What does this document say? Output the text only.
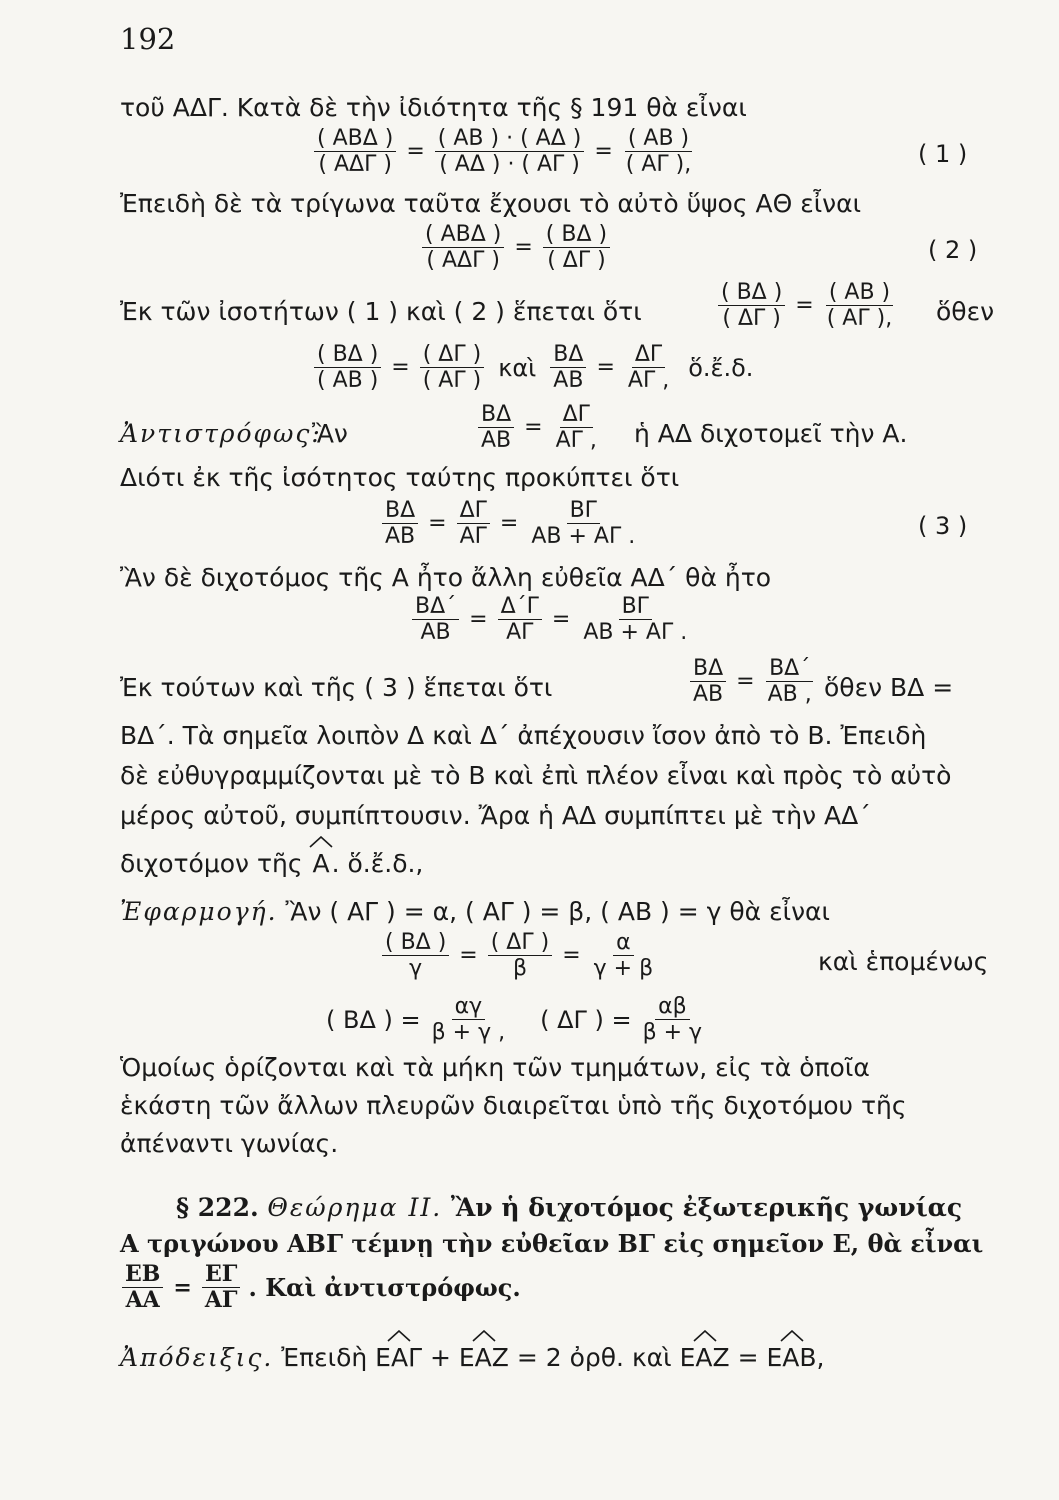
192
τοῦ ΑΔΓ. Κατὰ δὲ τὴν ἰδιότητα τῆς § 191 θὰ εἶναι
$\frac{\text{( ΑΒΔ )}}{\text{( ΑΔΓ )}} = \frac{( AB ) \cdot ( A\Delta )}{( A\Delta ) \cdot ( A\Gamma )} = \frac{( AB )}{( A\Gamma ),}$	( 1 )
Ἐπειδὴ δὲ τὰ τρίγωνα ταῦτα ἔχουσι τὸ αὐτὸ ὕψος ΑΘ εἶναι
$\frac{\text{( ΑΒΔ )}}{\text{( ΑΔΓ )}} = \frac{( B\Delta )}{( \Delta\Gamma )}$	( 2 )
Ἐκ τῶν ἰσοτήτων ( 1 ) καὶ ( 2 ) ἕπεται ὅτι	$\frac{( B\Delta )}{( \Delta\Gamma )} = \frac{( AB )}{( A\Gamma ),}$ ὅθεν
$\frac{( B\Delta )}{( AB )} = \frac{( \Delta\Gamma )}{( A\Gamma )}$ καὶ $\frac{B\Delta}{AB} = \frac{\Delta\Gamma}{A\Gamma ,}$ ὅ.ἔ.δ.
Ἀντιστρόφως:
Ἂν	$\frac{B\Delta}{AB} = \frac{\Delta\Gamma}{A\Gamma ,}$ ἡ ΑΔ διχοτομεῖ τὴν Α.
Διότι ἐκ τῆς ἰσότητος ταύτης προκύπτει ὅτι
$\frac{B\Delta}{AB} = \frac{\Delta\Gamma}{A\Gamma} = \frac{B\Gamma}{AB + A\Gamma .}$	( 3 )
Ἂν δὲ διχοτόμος τῆς Α ἦτο ἄλλη εὐθεῖα ΑΔ΄ θὰ ἦτο
$\frac{B\Delta΄}{AB} = \frac{\Delta΄\Gamma}{A\Gamma} = \frac{B\Gamma}{AB + A\Gamma .}$
Ἐκ τούτων καὶ τῆς ( 3 ) ἕπεται ὅτι	$\frac{B\Delta}{AB} = \frac{B\Delta΄}{AB ,}$ ὅθεν ΒΔ =
ΒΔ΄. Τὰ σημεῖα λοιπὸν Δ καὶ Δ΄ ἀπέχουσιν ἴσον ἀπὸ τὸ Β. Ἐπειδὴ
δὲ εὐθυγραμμίζονται μὲ τὸ Β καὶ ἐπὶ πλέον εἶναι καὶ πρὸς τὸ αὐτὸ
μέρος αὐτοῦ, συμπίπτουσιν. Ἄρα ἡ ΑΔ συμπίπτει μὲ τὴν ΑΔ΄
διχοτόμον τῆς Α. ὅ.ἔ.δ.,
Ἐφαρμογή. Ἂν ( ΑΓ ) = α, ( ΑΓ ) = β, ( ΑΒ ) = γ θὰ εἶναι
$\frac{( B\Delta )}{\gamma} = \frac{( \Delta\Gamma )}{\beta} = \frac{\alpha}{\gamma + \beta}$	καὶ ἑπομένως
( ΒΔ ) = $\frac{\alpha\gamma}{\beta + \gamma ,}$ ( ΔΓ ) = $\frac{\alpha\beta}{\beta + \gamma}$
Ὁμοίως ὁρίζονται καὶ τὰ μήκη τῶν τμημάτων, εἰς τὰ ὁποῖα
ἑκάστη τῶν ἄλλων πλευρῶν διαιρεῖται ὑπὸ τῆς διχοτόμου τῆς
ἀπέναντι γωνίας.
§ 222. Θεώρημα ΙΙ. Ἂν ἡ διχοτόμος ἐξωτερικῆς γωνίας
Α τριγώνου ΑΒΓ τέμνῃ τὴν εὐθεῖαν ΒΓ εἰς σημεῖον Ε, θὰ εἶναι
$\frac{EB}{AA} = \frac{E\Gamma}{A\Gamma}$ . Καὶ ἀντιστρόφως.
Ἀπόδειξις. Ἐπειδὴ ΕΑΓ + ΕΑΖ = 2 ὀρθ. καὶ ΕΑΖ = ΕΑΒ,
